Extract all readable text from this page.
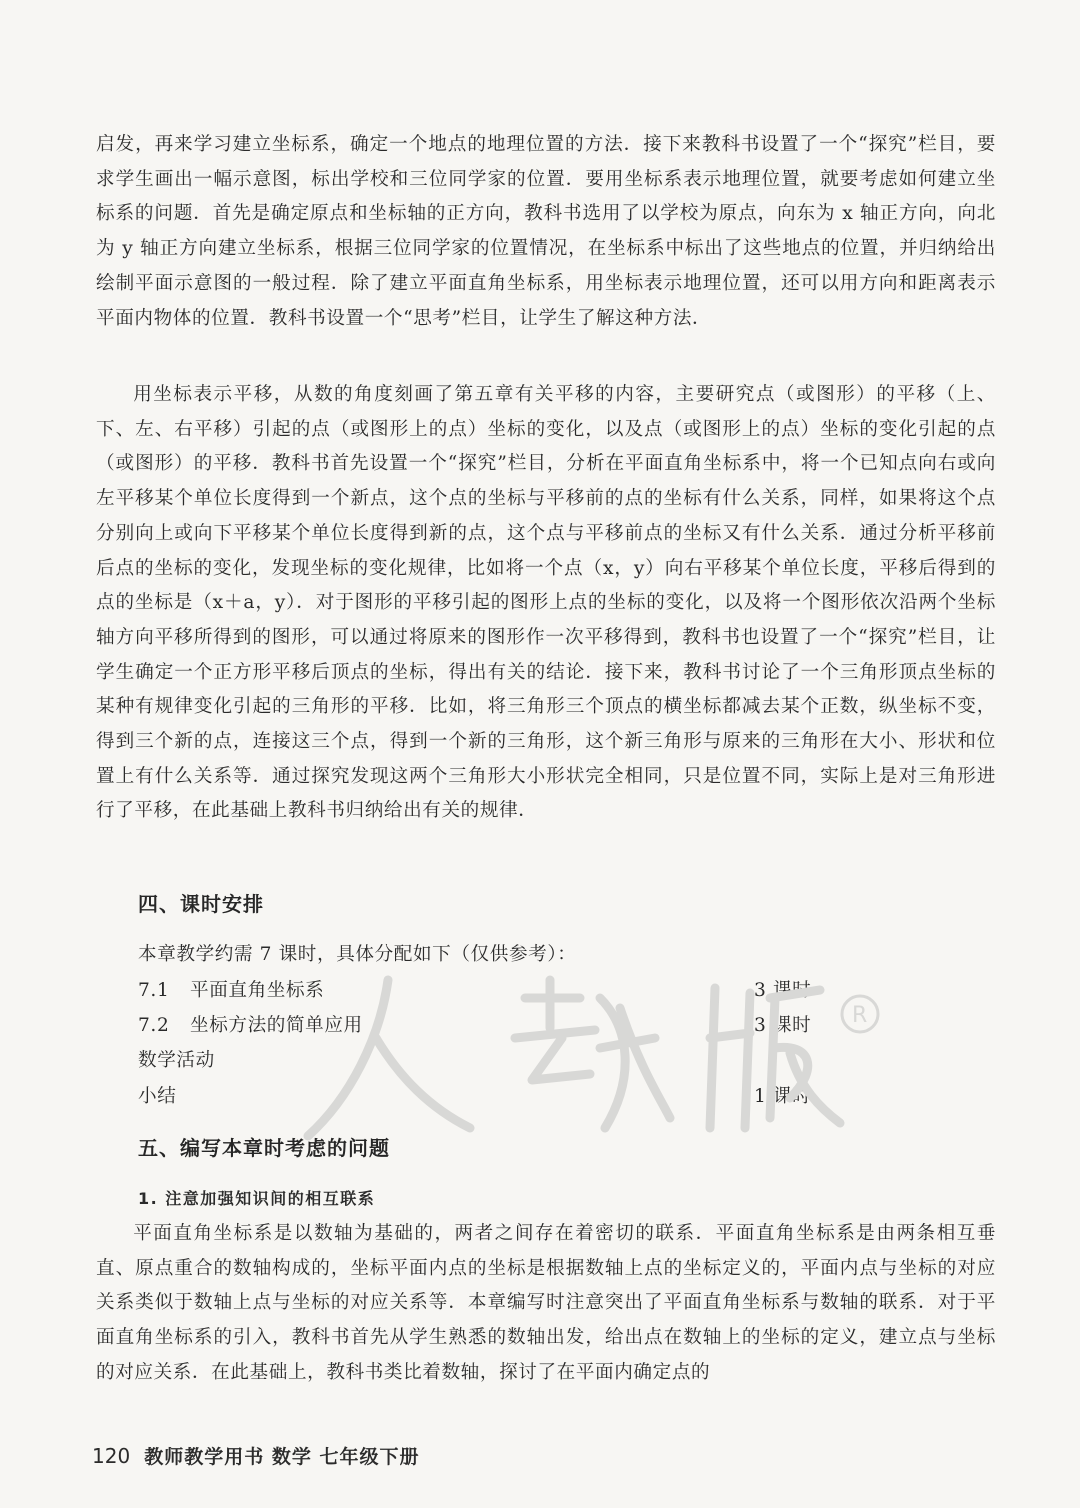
启发，再来学习建立坐标系，确定一个地点的地理位置的方法．接下来教科书设置了一个“探究”栏目，要求学生画出一幅示意图，标出学校和三位同学家的位置．要用坐标系表示地理位置，就要考虑如何建立坐标系的问题．首先是确定原点和坐标轴的正方向，教科书选用了以学校为原点，向东为 x 轴正方向，向北为 y 轴正方向建立坐标系，根据三位同学家的位置情况，在坐标系中标出了这些地点的位置，并归纳给出绘制平面示意图的一般过程．除了建立平面直角坐标系，用坐标表示地理位置，还可以用方向和距离表示平面内物体的位置．教科书设置一个“思考”栏目，让学生了解这种方法．

用坐标表示平移，从数的角度刻画了第五章有关平移的内容，主要研究点（或图形）的平移（上、下、左、右平移）引起的点（或图形上的点）坐标的变化，以及点（或图形上的点）坐标的变化引起的点（或图形）的平移．教科书首先设置一个“探究”栏目，分析在平面直角坐标系中，将一个已知点向右或向左平移某个单位长度得到一个新点，这个点的坐标与平移前的点的坐标有什么关系，同样，如果将这个点分别向上或向下平移某个单位长度得到新的点，这个点与平移前点的坐标又有什么关系．通过分析平移前后点的坐标的变化，发现坐标的变化规律，比如将一个点（x，y）向右平移某个单位长度，平移后得到的点的坐标是（x＋a，y）．对于图形的平移引起的图形上点的坐标的变化，以及将一个图形依次沿两个坐标轴方向平移所得到的图形，可以通过将原来的图形作一次平移得到，教科书也设置了一个“探究”栏目，让学生确定一个正方形平移后顶点的坐标，得出有关的结论．接下来，教科书讨论了一个三角形顶点坐标的某种有规律变化引起的三角形的平移．比如，将三角形三个顶点的横坐标都减去某个正数，纵坐标不变，得到三个新的点，连接这三个点，得到一个新的三角形，这个新三角形与原来的三角形在大小、形状和位置上有什么关系等．通过探究发现这两个三角形大小形状完全相同，只是位置不同，实际上是对三角形进行了平移，在此基础上教科书归纳给出有关的规律．

四、课时安排
本章教学约需 7 课时，具体分配如下（仅供参考）：
7.1 平面直角坐标系	3 课时
7.2 坐标方法的简单应用	3 课时
数学活动
小结	1 课时
R
五、编写本章时考虑的问题
1. 注意加强知识间的相互联系

平面直角坐标系是以数轴为基础的，两者之间存在着密切的联系．平面直角坐标系是由两条相互垂直、原点重合的数轴构成的，坐标平面内点的坐标是根据数轴上点的坐标定义的，平面内点与坐标的对应关系类似于数轴上点与坐标的对应关系等．本章编写时注意突出了平面直角坐标系与数轴的联系．对于平面直角坐标系的引入，教科书首先从学生熟悉的数轴出发，给出点在数轴上的坐标的定义，建立点与坐标的对应关系．在此基础上，教科书类比着数轴，探讨了在平面内确定点的

120 教师教学用书 数学 七年级下册
